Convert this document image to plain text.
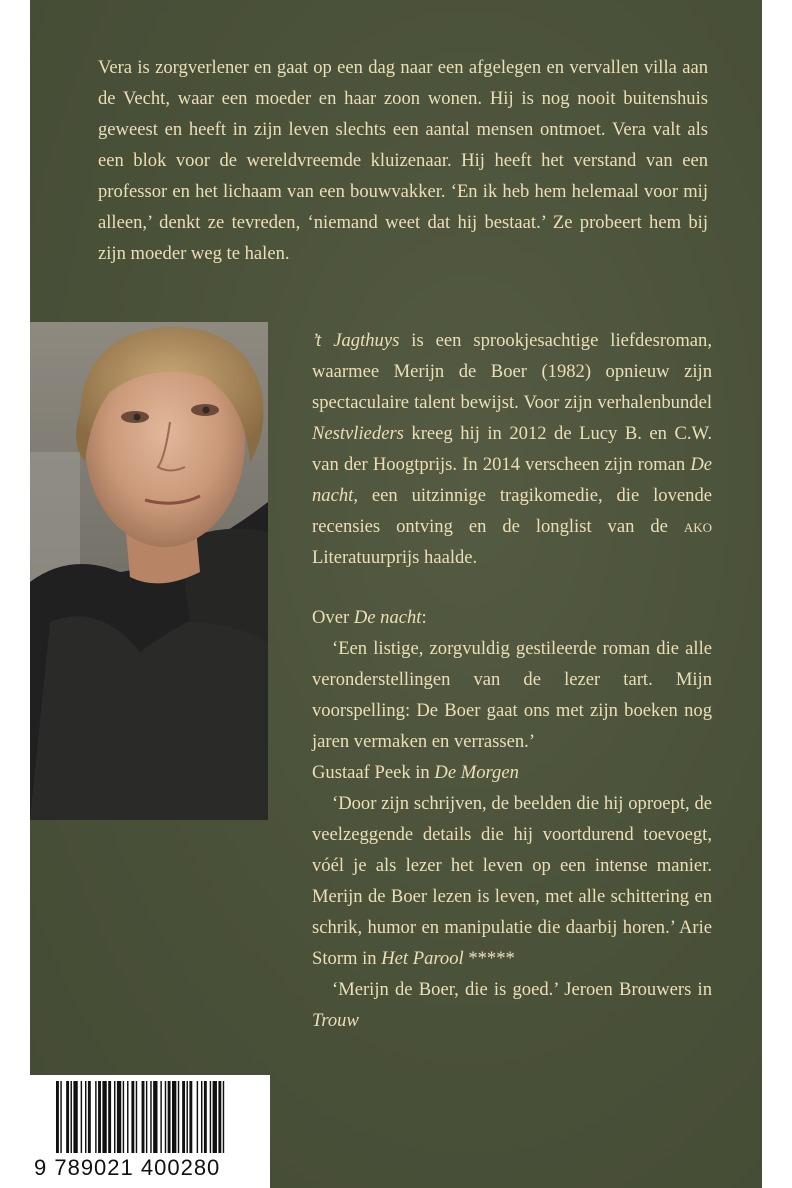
Vera is zorgverlener en gaat op een dag naar een afgelegen en vervallen villa aan de Vecht, waar een moeder en haar zoon wonen. Hij is nog nooit buitenshuis geweest en heeft in zijn leven slechts een aantal mensen ontmoet. Vera valt als een blok voor de wereldvreemde kluizenaar. Hij heeft het verstand van een professor en het lichaam van een bouwvakker. ‘En ik heb hem helemaal voor mij alleen,’ denkt ze tevreden, ‘niemand weet dat hij bestaat.’ Ze probeert hem bij zijn moeder weg te halen.
’t Jagthuys is een sprookjesachtige liefdesroman, waarmee Merijn de Boer (1982) opnieuw zijn spectaculaire talent bewijst. Voor zijn verhalenbundel Nestvlieders kreeg hij in 2012 de Lucy B. en C.W. van der Hoogtprijs. In 2014 verscheen zijn roman De nacht, een uitzinnige tragikomedie, die lovende recensies ontving en de longlist van de ako Literatuurprijs haalde.

Over De nacht:

‘Een listige, zorgvuldig gestileerde roman die alle veronderstellingen van de lezer tart. Mijn voorspelling: De Boer gaat ons met zijn boeken nog jaren vermaken en verrassen.’

Gustaaf Peek in De Morgen

‘Door zijn schrijven, de beelden die hij oproept, de veelzeggende details die hij voortdurend toevoegt, vóél je als lezer het leven op een intense manier. Merijn de Boer lezen is leven, met alle schittering en schrik, humor en manipulatie die daarbij horen.’ Arie Storm in Het Parool *****

‘Merijn de Boer, die is goed.’ Jeroen Brouwers in Trouw

9 789021 400280
